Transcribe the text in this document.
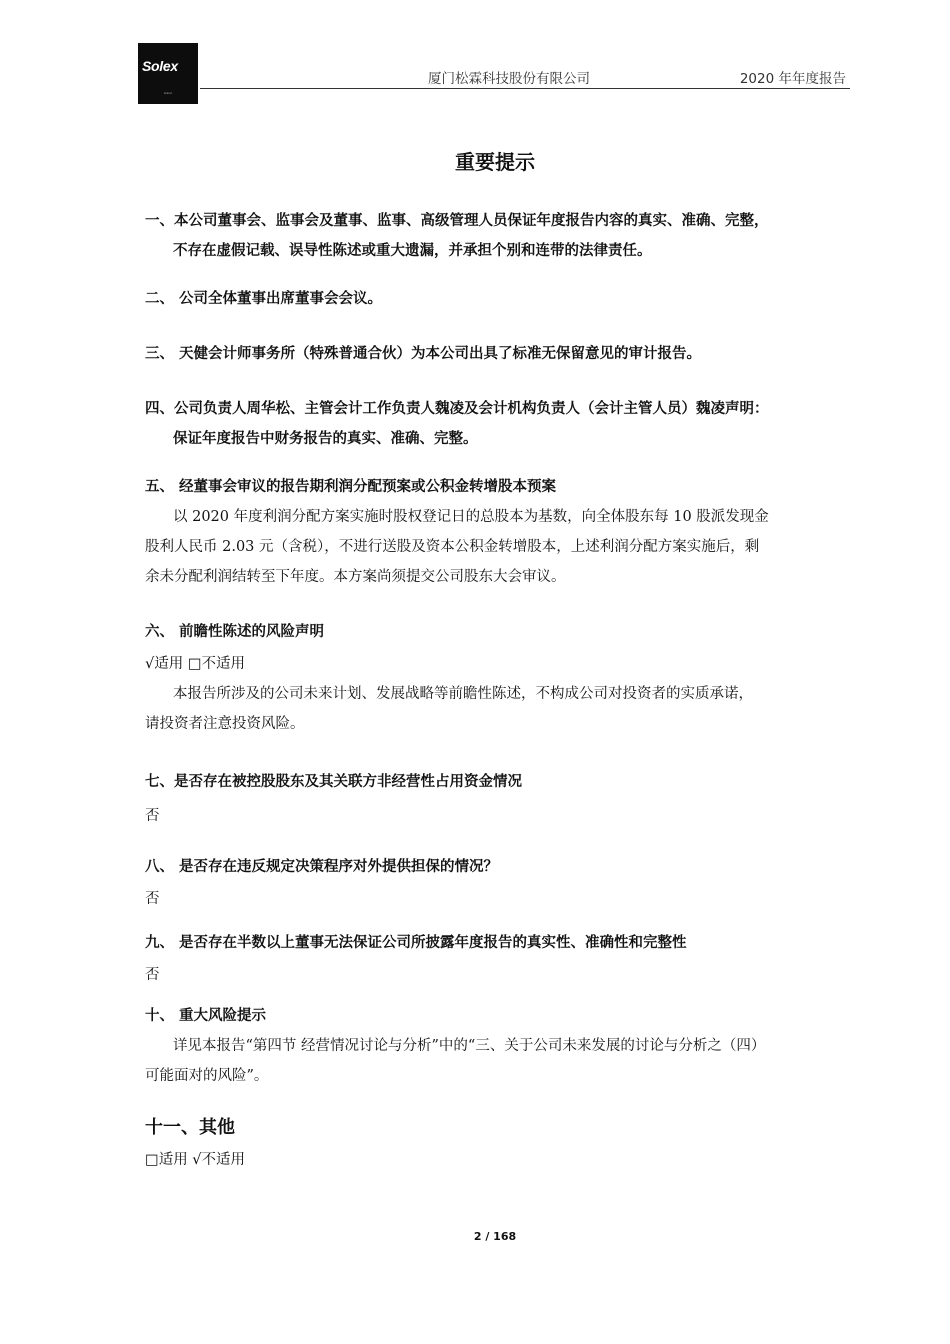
Solex
brand
厦门松霖科技股份有限公司	2020 年年度报告
重要提示
一、本公司董事会、监事会及董事、监事、高级管理人员保证年度报告内容的真实、准确、完整，
不存在虚假记载、误导性陈述或重大遗漏，并承担个别和连带的法律责任。
二、 公司全体董事出席董事会会议。
三、 天健会计师事务所（特殊普通合伙）为本公司出具了标准无保留意见的审计报告。
四、公司负责人周华松、主管会计工作负责人魏凌及会计机构负责人（会计主管人员）魏凌声明：
保证年度报告中财务报告的真实、准确、完整。
五、 经董事会审议的报告期利润分配预案或公积金转增股本预案
以 2020 年度利润分配方案实施时股权登记日的总股本为基数，向全体股东每 10 股派发现金
股利人民币 2.03 元（含税），不进行送股及资本公积金转增股本，上述利润分配方案实施后，剩
余未分配利润结转至下年度。本方案尚须提交公司股东大会审议。
六、 前瞻性陈述的风险声明
√适用 □不适用
本报告所涉及的公司未来计划、发展战略等前瞻性陈述，不构成公司对投资者的实质承诺，
请投资者注意投资风险。
七、是否存在被控股股东及其关联方非经营性占用资金情况
否
八、 是否存在违反规定决策程序对外提供担保的情况？
否
九、 是否存在半数以上董事无法保证公司所披露年度报告的真实性、准确性和完整性
否
十、 重大风险提示
详见本报告“第四节 经营情况讨论与分析”中的“三、关于公司未来发展的讨论与分析之（四）
可能面对的风险”。
十一、其他
□适用 √不适用
2 / 168
